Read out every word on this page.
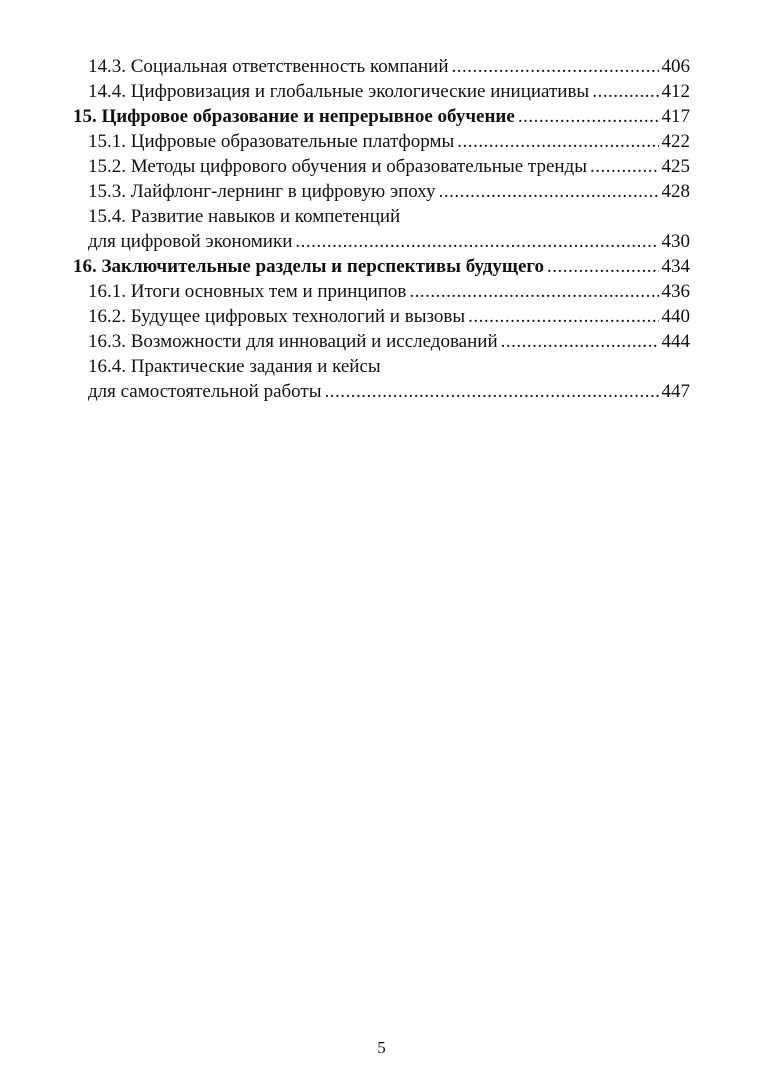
14.3. Социальная ответственность компаний .....	406
14.4. Цифровизация и глобальные экологические инициативы .....	412
15. Цифровое образование и непрерывное обучение .....	417
15.1. Цифровые образовательные платформы .....	422
15.2. Методы цифрового обучения и образовательные тренды .....	425
15.3. Лайфлонг-лернинг в цифровую эпоху .....	428
15.4. Развитие навыков и компетенций
для цифровой экономики .....	430
16. Заключительные разделы и перспективы будущего .....	434
16.1. Итоги основных тем и принципов .....	436
16.2. Будущее цифровых технологий и вызовы .....	440
16.3. Возможности для инноваций и исследований .....	444
16.4. Практические задания и кейсы
для самостоятельной работы .....	447
5
